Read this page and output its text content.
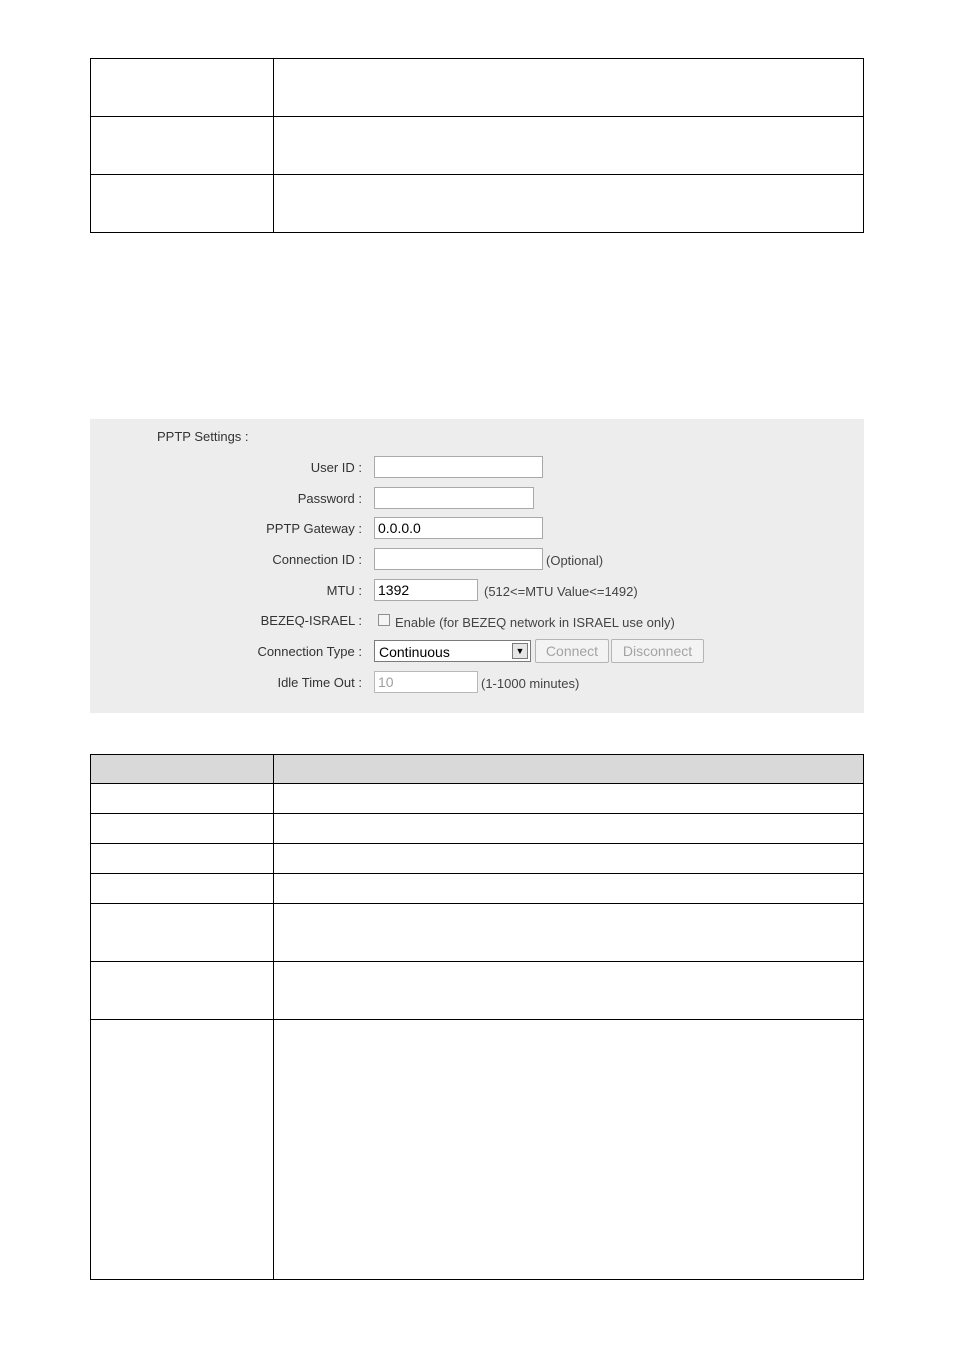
PPTP Settings :
User ID :
Password :
PPTP Gateway :
0.0.0.0
Connection ID :	(Optional)
MTU :
1392	(512<=MTU Value<=1492)
BEZEQ-ISRAEL :	Enable (for BEZEQ network in ISRAEL use only)
Connection Type : Continuous	▼	Connect	Disconnect
Idle Time Out :
10	(1-1000 minutes)
